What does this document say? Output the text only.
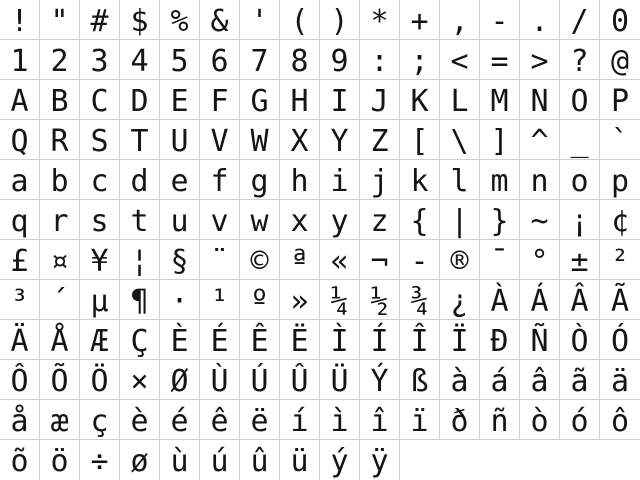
! " # $ % & ' ( ) * + , - . / 0
1 2 3 4 5 6 7 8 9 : ; < = > ? @
A B C D E F G H I J K L M N O P
Q R S T U V W X Y Z [ \ ] ^ _ `
a b c d e f g h i j k l m n o p
q r s t u v w x y z { | } ~ ¡ ¢
£ ¤ ¥ ¦ § ¨ © ª « ¬ - ® ¯ ° ± ²
³ ´ µ ¶ · ¹ º » ¼ ½ ¾ ¿ À Á Â Ã
Ä Å Æ Ç È É Ê Ë Ì Í Î Ï Ð Ñ Ò Ó
Ô Õ Ö × Ø Ù Ú Û Ü Ý ß à á â ã ä
å æ ç è é ê ë í ì î ï ð ñ ò ó ô
õ ö ÷ ø ù ú û ü ý ÿ
